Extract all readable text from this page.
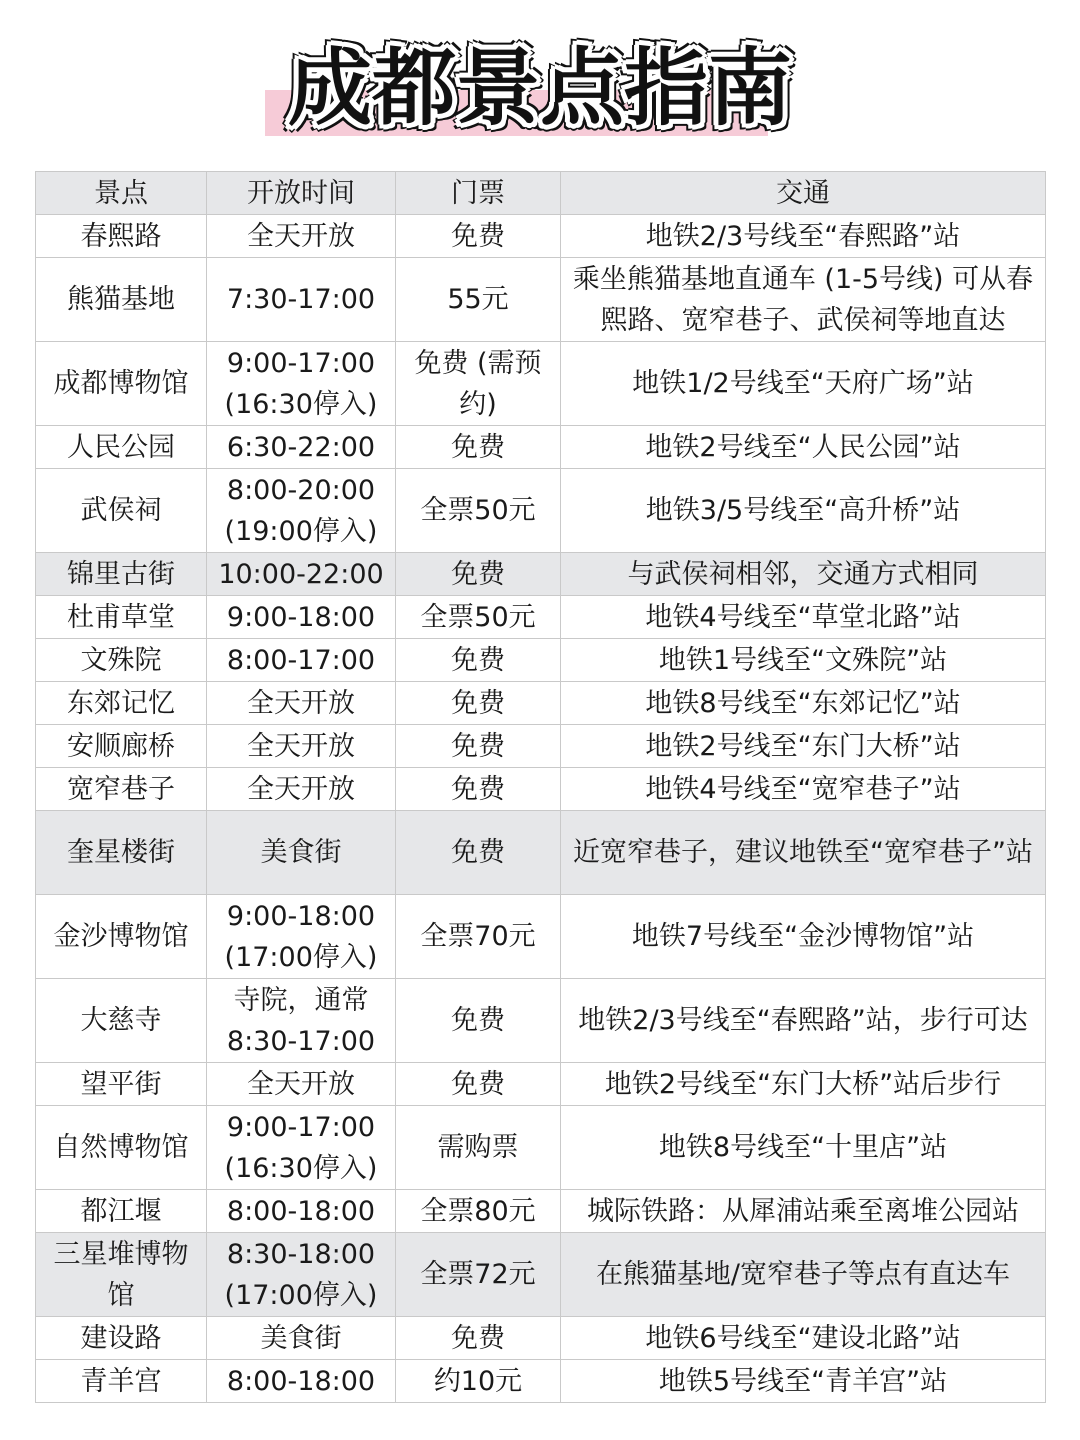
成都景点指南
景点	开放时间	门票	交通
春熙路	全天开放	免费	地铁2/3号线至“春熙路”站
熊猫基地	7:30-17:00	55元	乘坐熊猫基地直通车 (1-5号线) 可从春熙路、宽窄巷子、武侯祠等地直达
成都博物馆	9:00-17:00 (16:30停入)	免费 (需预约)	地铁1/2号线至“天府广场”站
人民公园	6:30-22:00	免费	地铁2号线至“人民公园”站
武侯祠	8:00-20:00 (19:00停入)	全票50元	地铁3/5号线至“高升桥”站
锦里古街	10:00-22:00	免费	与武侯祠相邻，交通方式相同
杜甫草堂	9:00-18:00	全票50元	地铁4号线至“草堂北路”站
文殊院	8:00-17:00	免费	地铁1号线至“文殊院”站
东郊记忆	全天开放	免费	地铁8号线至“东郊记忆”站
安顺廊桥	全天开放	免费	地铁2号线至“东门大桥”站
宽窄巷子	全天开放	免费	地铁4号线至“宽窄巷子”站
奎星楼街	美食街	免费	近宽窄巷子，建议地铁至“宽窄巷子”站
金沙博物馆	9:00-18:00 (17:00停入)	全票70元	地铁7号线至“金沙博物馆”站
大慈寺	寺院，通常 8:30-17:00	免费	地铁2/3号线至“春熙路”站，步行可达
望平街	全天开放	免费	地铁2号线至“东门大桥”站后步行
自然博物馆	9:00-17:00 (16:30停入)	需购票	地铁8号线至“十里店”站
都江堰	8:00-18:00	全票80元	城际铁路：从犀浦站乘至离堆公园站
三星堆博物馆	8:30-18:00 (17:00停入)	全票72元	在熊猫基地/宽窄巷子等点有直达车
建设路	美食街	免费	地铁6号线至“建设北路”站
青羊宫	8:00-18:00	约10元	地铁5号线至“青羊宫”站
